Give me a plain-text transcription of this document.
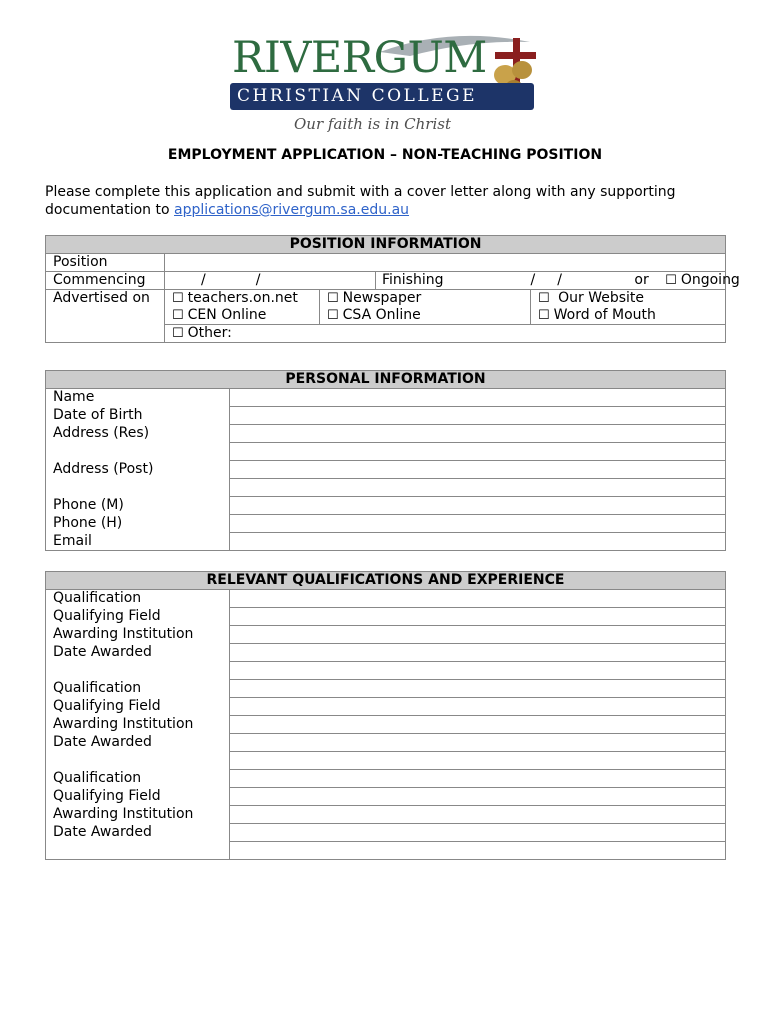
RIVERGUM
CHRISTIAN COLLEGE
Our faith is in Christ
EMPLOYMENT APPLICATION – NON-TEACHING POSITION

Please complete this application and submit with a cover letter along with any supporting documentation to applications@rivergum.sa.edu.au

POSITION INFORMATION				
Position				
Commencing	/ /		Finishing	/ / or ☐ Ongoing
Advertised on	☐ teachers.on.net	☐ Newspaper		☐ Our Website
	☐ CEN Online	☐ CSA Online		☐ Word of Mouth
	☐ Other:			
PERSONAL INFORMATION	
Name	
Date of Birth	
Address (Res)	

Address (Post)	

Phone (M)	
Phone (H)	
Email	
RELEVANT QUALIFICATIONS AND EXPERIENCE	
Qualification	
Qualifying Field	
Awarding Institution	
Date Awarded	

Qualification	
Qualifying Field	
Awarding Institution	
Date Awarded	

Qualification	
Qualifying Field	
Awarding Institution	
Date Awarded	
